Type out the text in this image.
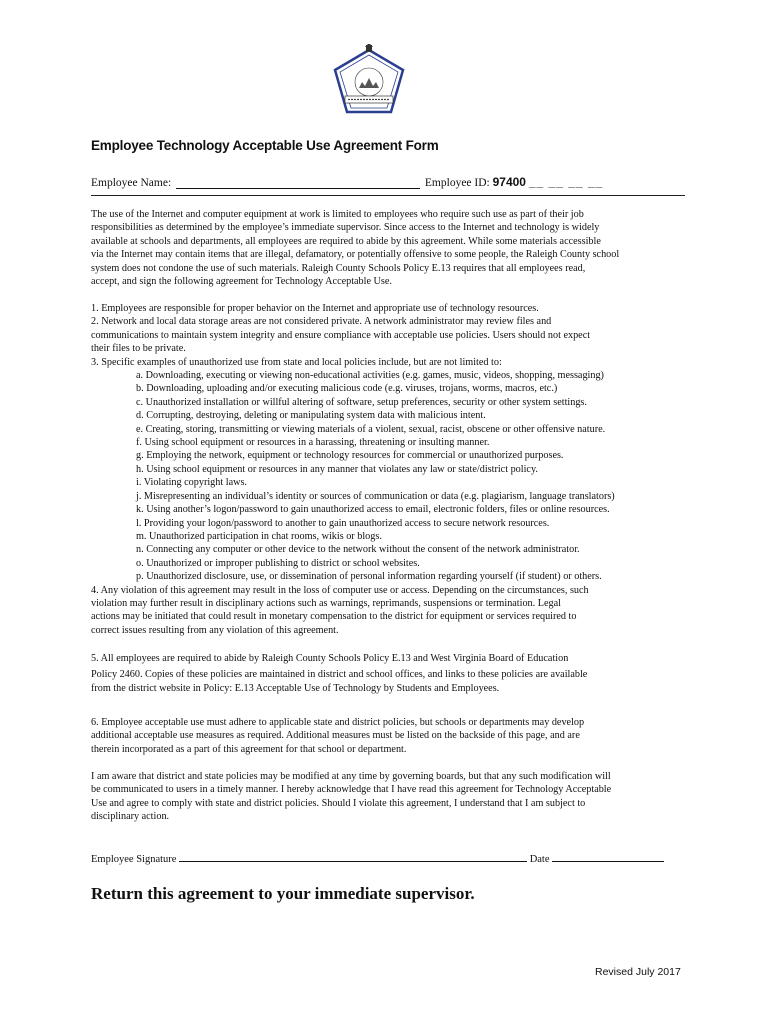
Employee Technology Acceptable Use Agreement Form
Employee Name:	Employee ID: 97400 __ __ __ __
The use of the Internet and computer equipment at work is limited to employees who require such use as part of their job
responsibilities as determined by the employee’s immediate supervisor. Since access to the Internet and technology is widely
available at schools and departments, all employees are required to abide by this agreement. While some materials accessible
via the Internet may contain items that are illegal, defamatory, or potentially offensive to some people, the Raleigh County school
system does not condone the use of such materials. Raleigh County Schools Policy E.13 requires that all employees read,
accept, and sign the following agreement for Technology Acceptable Use.
1. Employees are responsible for proper behavior on the Internet and appropriate use of technology resources.
2. Network and local data storage areas are not considered private. A network administrator may review files and
communications to maintain system integrity and ensure compliance with acceptable use policies. Users should not expect
their files to be private.
3. Specific examples of unauthorized use from state and local policies include, but are not limited to:
a. Downloading, executing or viewing non-educational activities (e.g. games, music, videos, shopping, messaging)
b. Downloading, uploading and/or executing malicious code (e.g. viruses, trojans, worms, macros, etc.)
c. Unauthorized installation or willful altering of software, setup preferences, security or other system settings.
d. Corrupting, destroying, deleting or manipulating system data with malicious intent.
e. Creating, storing, transmitting or viewing materials of a violent, sexual, racist, obscene or other offensive nature.
f. Using school equipment or resources in a harassing, threatening or insulting manner.
g. Employing the network, equipment or technology resources for commercial or unauthorized purposes.
h. Using school equipment or resources in any manner that violates any law or state/district policy.
i. Violating copyright laws.
j. Misrepresenting an individual’s identity or sources of communication or data (e.g. plagiarism, language translators)
k. Using another’s logon/password to gain unauthorized access to email, electronic folders, files or online resources.
l. Providing your logon/password to another to gain unauthorized access to secure network resources.
m. Unauthorized participation in chat rooms, wikis or blogs.
n. Connecting any computer or other device to the network without the consent of the network administrator.
o. Unauthorized or improper publishing to district or school websites.
p. Unauthorized disclosure, use, or dissemination of personal information regarding yourself (if student) or others.
4. Any violation of this agreement may result in the loss of computer use or access. Depending on the circumstances, such
violation may further result in disciplinary actions such as warnings, reprimands, suspensions or termination. Legal
actions may be initiated that could result in monetary compensation to the district for equipment or services required to
correct issues resulting from any violation of this agreement.
5. All employees are required to abide by Raleigh County Schools Policy E.13 and West Virginia Board of Education
Policy 2460. Copies of these policies are maintained in district and school offices, and links to these policies are available
from the district website in Policy: E.13 Acceptable Use of Technology by Students and Employees.
6. Employee acceptable use must adhere to applicable state and district policies, but schools or departments may develop
additional acceptable use measures as required. Additional measures must be listed on the backside of this page, and are
therein incorporated as a part of this agreement for that school or department.
I am aware that district and state policies may be modified at any time by governing boards, but that any such modification will
be communicated to users in a timely manner. I hereby acknowledge that I have read this agreement for Technology Acceptable
Use and agree to comply with state and district policies. Should I violate this agreement, I understand that I am subject to
disciplinary action.
Employee Signature	Date
Return this agreement to your immediate supervisor.
Revised July 2017
